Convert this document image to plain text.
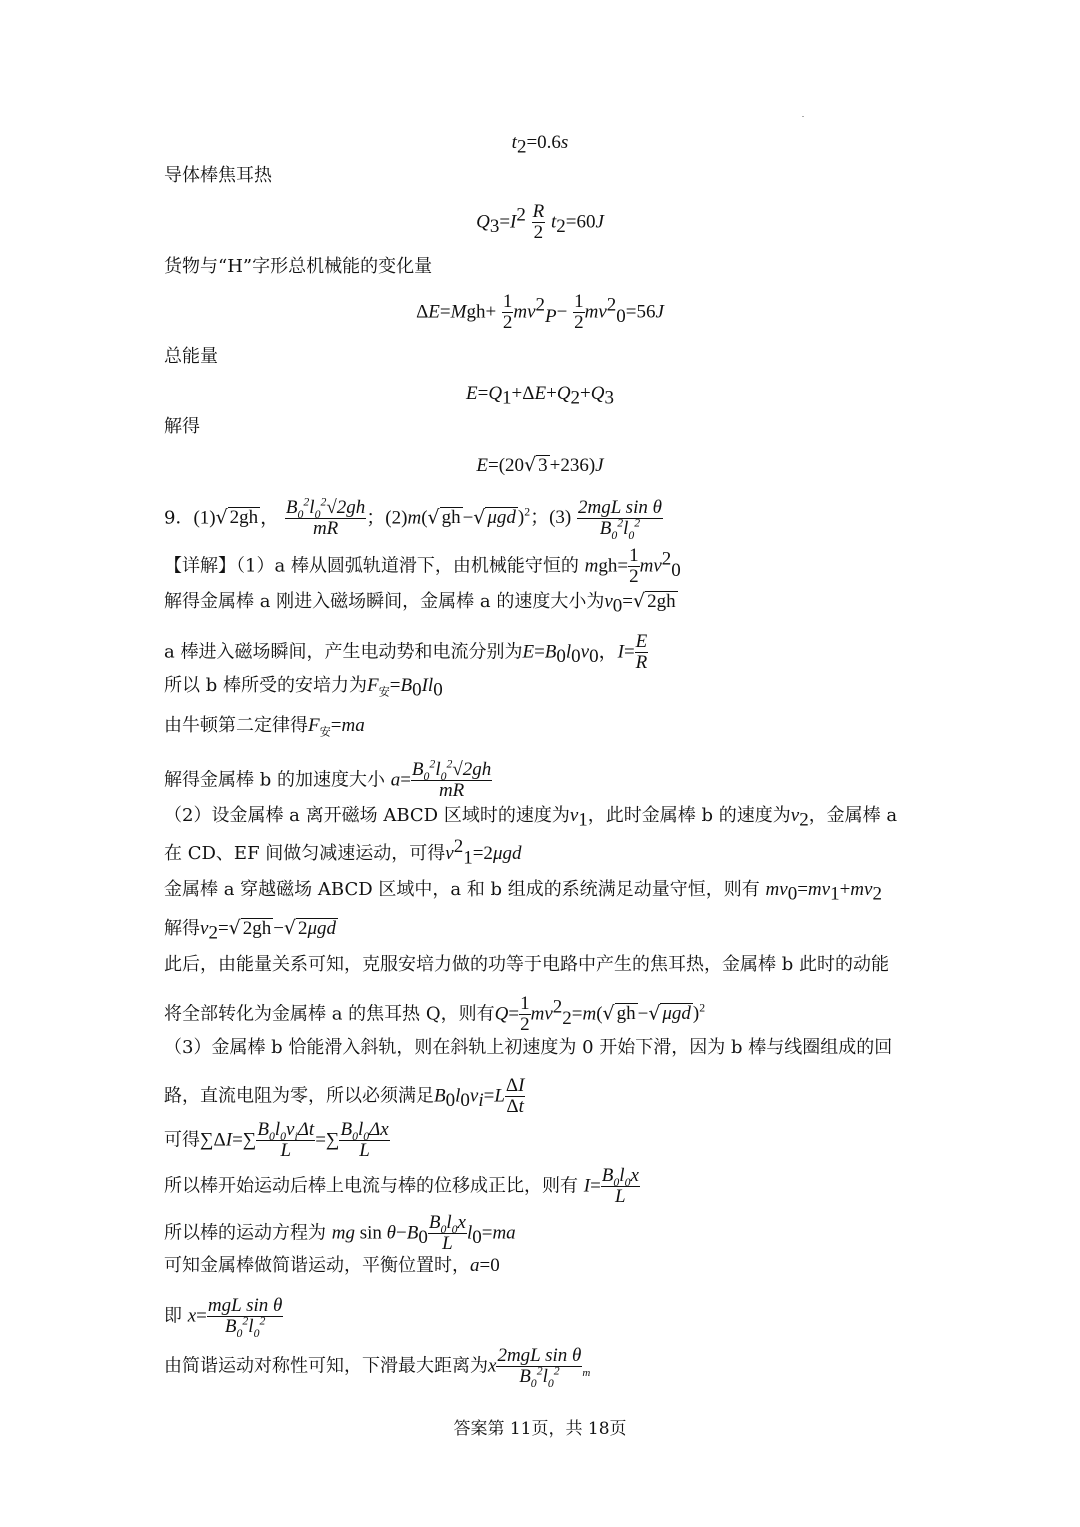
$t_2=0.6s$
导体棒焦耳热
$Q_3=I^2 \frac{R}{2} t_2=60J$
货物与“H”字形总机械能的变化量
$\Delta E=Mgh+ \frac{1}{2} mv^2_P- \frac{1}{2} mv^2_0=56J$
总能量
$E=Q_1+\Delta E+Q_2+Q_3$
解得
E=(20√ 3 +236)J
9．(1)√ 2gh ， $\frac{B_0^2l_0^2√2gh}{mR}$ ；(2)m(√ gh −√ μgd )$^2$；$(3) \frac{\text{2mgL sin θ}}{B_0^2l_0^2}$
【详解】（1）a 棒从圆弧轨道滑下，由机械能守恒的 $mgh= \frac{1}{2} mv^2_0$
解得金属棒 a 刚进入磁场瞬间，金属棒 a 的速度大小为$v_0=√$ 2gh
a 棒进入磁场瞬间，产生电动势和电流分别为$E=B_0l_0v_0$，$I= \frac{E}{R}$
所以 b 棒所受的安培力为$F_安=B_0Il_0$
由牛顿第二定律得$F_安=ma$
解得金属棒 b 的加速度大小 $a= \frac{B_0^2l_0^2√2gh}{mR}$
（2）设金属棒 a 离开磁场 ABCD 区域时的速度为$v_1$，此时金属棒 b 的速度为$v_2$，金属棒 a
在 CD、EF 间做匀减速运动，可得$v^2_1=2\mu gd$
金属棒 a 穿越磁场 ABCD 区域中，a 和 b 组成的系统满足动量守恒，则有 $mv_0=mv_1+mv_2$
解得$v_2=√$ 2gh −√ 2μgd
此后，由能量关系可知，克服安培力做的功等于电路中产生的焦耳热，金属棒 b 此时的动能
将全部转化为金属棒 a 的焦耳热 Q，则有$Q= \frac{1}{2} mv^2_2=m(√$ gh −√ μgd )$^2$
（3）金属棒 b 恰能滑入斜轨，则在斜轨上初速度为 0 开始下滑，因为 b 棒与线圈组成的回
路，直流电阻为零，所以必须满足$B_0l_0v_i=L \frac{\Delta I}{\Delta t}$
可得$\sum\Delta I=\sum \frac{B_0l_0v_i\Delta t}{L}$ =∑ $\frac{B_0l_0\Delta x}{L}$
所以棒开始运动后棒上电流与棒的位移成正比，则有 $I= \frac{B_0l_0x}{L}$
所以棒的运动方程为 mg $\sin \theta-B_0 \frac{B_0l_0x}{L} l_0=ma$
可知金属棒做简谐运动，平衡位置时，a=0
即 $x= \frac{\text{mgL sin θ}}{B_0^2l_0^2}$
由简谐运动对称性可知，下滑最大距离为x $\frac{\text{2mgL sin θ}}{B_0^2l_0^2} _m$
答案第 11页，共 18页
